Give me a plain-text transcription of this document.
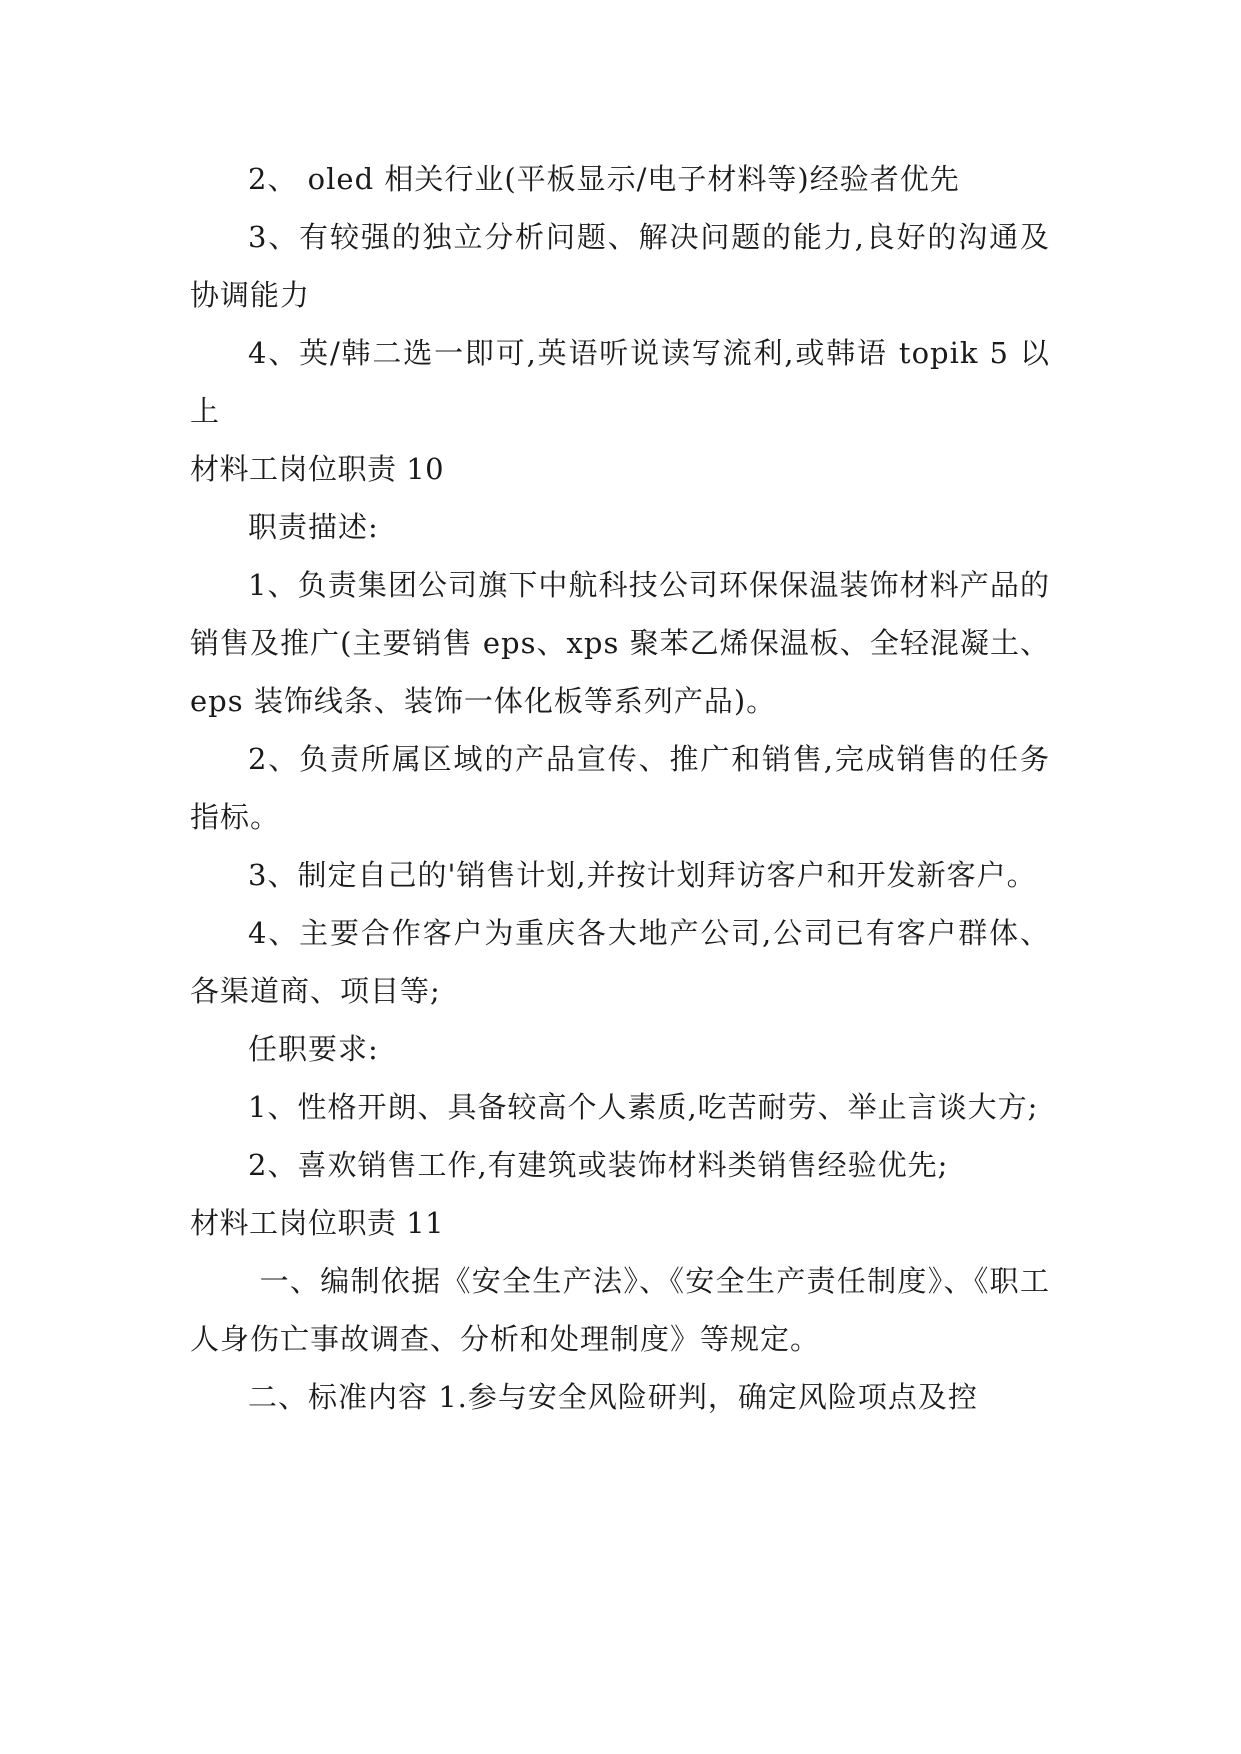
2、 oled 相关行业(平板显示/电子材料等)经验者优先

3、有较强的独立分析问题、解决问题的能力,良好的沟通及协调能力

4、英/韩二选一即可,英语听说读写流利,或韩语 topik 5 以上

材料工岗位职责 10

职责描述:

1、负责集团公司旗下中航科技公司环保保温装饰材料产品的销售及推广(主要销售 eps、xps 聚苯乙烯保温板、全轻混凝土、eps 装饰线条、装饰一体化板等系列产品)。

2、负责所属区域的产品宣传、推广和销售,完成销售的任务指标。

3、制定自己的'销售计划,并按计划拜访客户和开发新客户。

4、主要合作客户为重庆各大地产公司,公司已有客户群体、各渠道商、项目等;

任职要求:

1、性格开朗、具备较高个人素质,吃苦耐劳、举止言谈大方;

2、喜欢销售工作,有建筑或装饰材料类销售经验优先;

材料工岗位职责 11

一、编制依据《安全生产法》、《安全生产责任制度》、《职工人身伤亡事故调查、分析和处理制度》等规定。

二、标准内容 1.参与安全风险研判，确定风险项点及控
